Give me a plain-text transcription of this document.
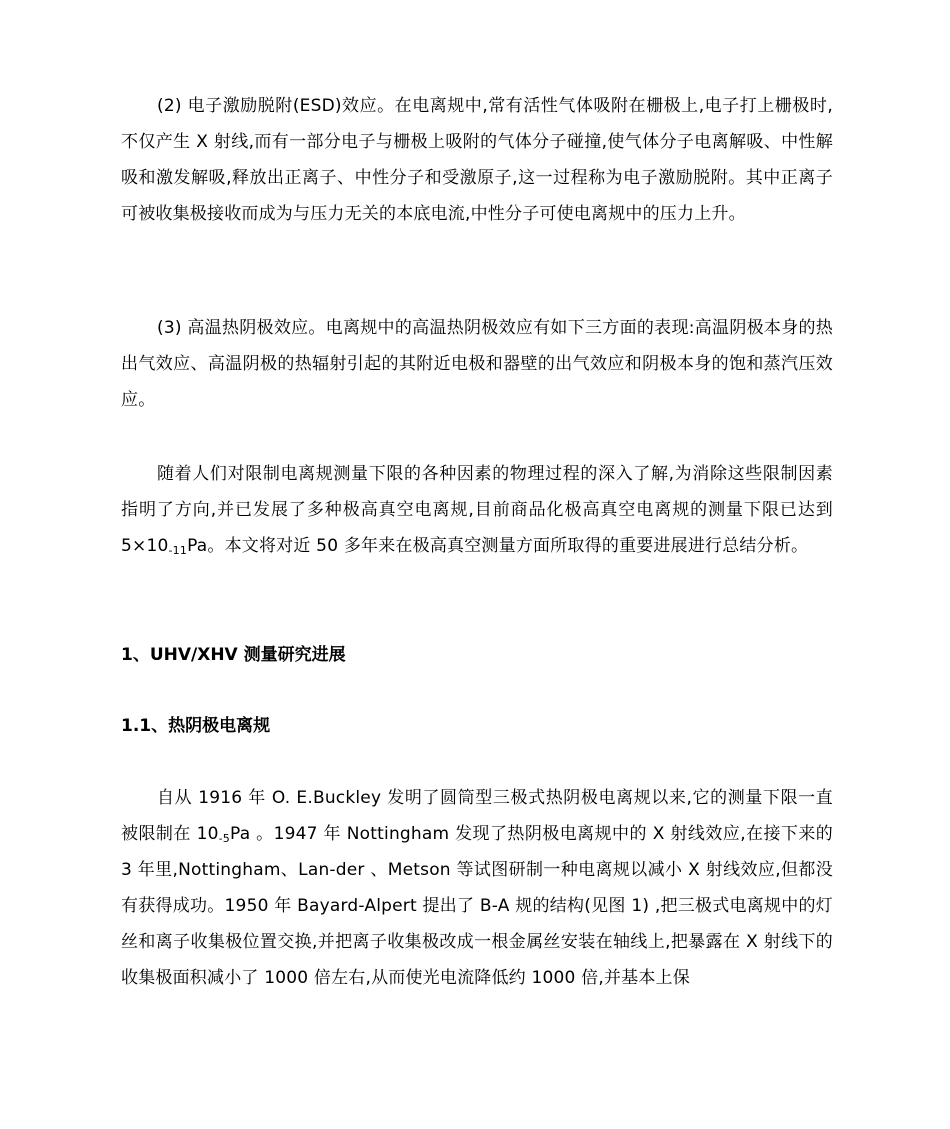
(2) 电子激励脱附(ESD)效应。在电离规中,常有活性气体吸附在栅极上,电子打上栅极时,不仅产生 X 射线,而有一部分电子与栅极上吸附的气体分子碰撞,使气体分子电离解吸、中性解吸和激发解吸,释放出正离子、中性分子和受激原子,这一过程称为电子激励脱附。其中正离子可被收集极接收而成为与压力无关的本底电流,中性分子可使电离规中的压力上升。

(3) 高温热阴极效应。电离规中的高温热阴极效应有如下三方面的表现:高温阴极本身的热出气效应、高温阴极的热辐射引起的其附近电极和器壁的出气效应和阴极本身的饱和蒸汽压效应。

随着人们对限制电离规测量下限的各种因素的物理过程的深入了解,为消除这些限制因素指明了方向,并已发展了多种极高真空电离规,目前商品化极高真空电离规的测量下限已达到 $5\times 10_{-11}Pa$。本文将对近 50 多年来在极高真空测量方面所取得的重要进展进行总结分析。

1、UHV/XHV 测量研究进展
1.1、热阴极电离规

自从 1916 年 O. E.Buckley 发明了圆筒型三极式热阴极电离规以来,它的测量下限一直被限制在 $10_{-5}Pa$ 。1947 年 Nottingham 发现了热阴极电离规中的 X 射线效应,在接下来的 3 年里,Nottingham、Lan-der 、Metson 等试图研制一种电离规以减小 X 射线效应,但都没有获得成功。1950 年 Bayard-Alpert 提出了 B-A 规的结构(见图 1) ,把三极式电离规中的灯丝和离子收集极位置交换,并把离子收集极改成一根金属丝安装在轴线上,把暴露在 X 射线下的收集极面积减小了 1000 倍左右,从而使光电流降低约 1000 倍,并基本上保
